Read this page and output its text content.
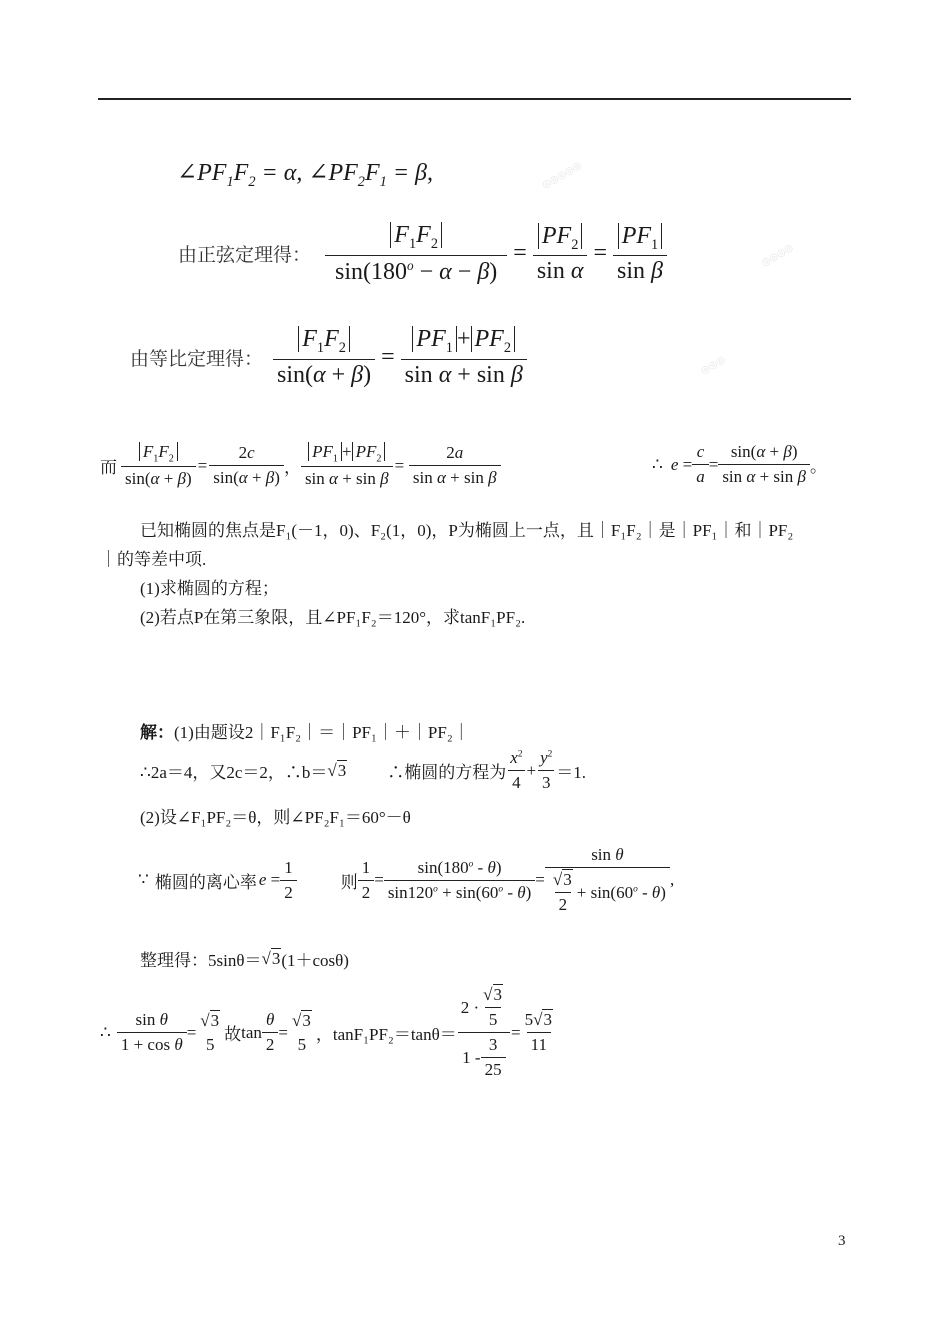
◎◎◎◎◎
◎◎◎◎
◎◎◎
$\angle PF_1F_2 = \alpha$, $\angle PF_2F_1 = \beta$,
由正弦定理得： $\frac{F_1F_2}{\sin(180^o - \alpha - \beta)} = \frac{PF_2}{\text{sin α}} = \frac{PF_1}{\text{sin β}}$
由等比定理得： $\frac{F_1F_2}{\sin(\alpha + \beta)} = \frac{PF_1 + PF_2}{\text{sin α + sin β}}$
而 $\frac{F_1F_2}{\sin(\alpha + \beta)} = \frac{2c}{\sin(\alpha + \beta)}$ ， $\frac{PF_1 + PF_2}{\text{sin α + sin β}} = \frac{2a}{\text{sin α + sin β}}$	∴ $e = \frac{c}{a} = \frac{\sin(\alpha + \beta)}{\text{sin α + sin β}}$ 。
已知椭圆的焦点是F₁(－1，0)、F₂(1，0)，P为椭圆上一点，且｜F₁F₂｜是｜PF₁｜和｜PF₂
｜的等差中项.
(1)求椭圆的方程；
(2)若点P在第三象限，且∠PF₁F₂＝120°，求tanF₁PF₂.
解：(1)由题设2｜F₁F₂｜＝｜PF₁｜＋｜PF₂｜
∴2a＝4，又2c＝2，∴b＝ √3 ∴椭圆的方程为 $\frac{x^2}{4} + \frac{y^2}{3} =1$.
(2)设∠F₁PF₂＝θ，则∠PF₂F₁＝60°－θ
∵ 椭圆的离心率 $e = \frac{1}{2}$	则 $\frac{1}{2} = \frac{\sin(180^o - \theta)}{\sin 120^o + \sin(60^o - \theta)} = \frac{\text{sin θ}}{\frac{√3}{2} + \sin(60^o - \theta)}$ ,
整理得：5sinθ＝ √3 (1＋cosθ)
∴ $\frac{\text{sin θ}}{\text{1 + cos θ}}$ =
√3
5 故 $\tan \frac{\theta}{2}$ =
√3
5 ，$\tan F_1PF_2=\tan\theta= \frac{2 \cdot \frac{√3}{5}}{1 - \frac{3}{25}} = \frac{5√3}{11}$
3
